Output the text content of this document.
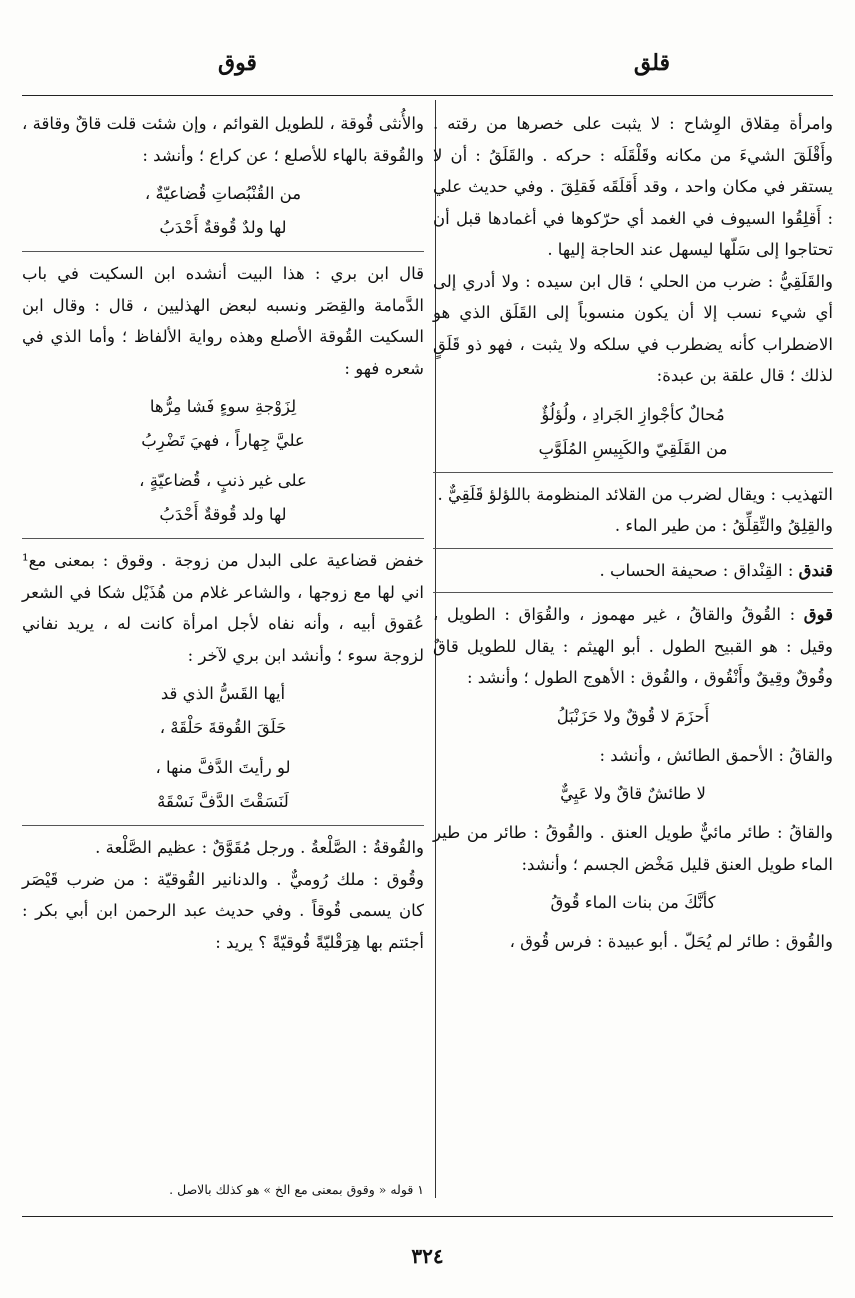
قلق
قوق

وامرأة مِقلاق الوِشاح : لا يثبت على خصرها من رقته . وأَقْلَقَ الشيءَ من مكانه وقَلْقَلَه : حركه . والقَلَقُ : أن لا يستقر في مكان واحد ، وقد أَقلَقَه فَقلِقَ . وفي حديث علي : أَقلِقُوا السيوف في الغمد أي حرّكوها في أغمادها قبل أن تحتاجوا إلى سَلّها ليسهل عند الحاجة إليها .

والقَلَقِيُّ : ضرب من الحلي ؛ قال ابن سيده : ولا أدري إلى أي شيء نسب إلا أن يكون منسوباً إلى القَلَق الذي هو الاضطراب كأنه يضطرب في سلكه ولا يثبت ، فهو ذو قَلَقٍ لذلك ؛ قال علقة بن عبدة:

مُحالٌ كأجْوازِ الجَرادِ ، ولُؤلُؤٌ
من القَلَقِيّ والكَبِيسِ المُلَوَّبِ

التهذيب : ويقال لضرب من القلائد المنظومة باللؤلؤ قَلَقِيٌّ .

والقِلِقُ والتِّقِلِّقُ : من طير الماء .

قندق : القِنْداق : صحيفة الحساب .

قوق : القُوقُ والقاقُ ، غير مهموز ، والقُوَاق : الطويل ، وقيل : هو القبيح الطول . أبو الهيثم : يقال للطويل قاقٌ وقُوقٌ وقِيقٌ وأَنْقُوق ، والقُوق : الأهوج الطول ؛ وأنشد :

أَحزَمَ لا قُوقٌ ولا حَزَنْبَلُ

والقاقُ : الأحمق الطائش ، وأنشد :

لا طائشٌ قاقٌ ولا عَيِيٌّ

والقاقُ : طائر مائيٌّ طويل العنق . والقُوقُ : طائر من طير الماء طويل العنق قليل مَخْض الجسم ؛ وأنشد:

كأنَّكَ من بنات الماء قُوقُ

والقُوق : طائر لم يُحَلّ . أبو عبيدة : فرس قُوق ،

والأُنثى قُوقة ، للطويل القوائم ، وإن شئت قلت قاقٌ وقاقة ، والقُوقة بالهاء للأصلع ؛ عن كراع ؛ وأنشد :

من القُنْبُصاتِ قُضاعيّةٌ ،
لها ولدٌ قُوقةٌ أَحْدَبُ

قال ابن بري : هذا البيت أنشده ابن السكيت في باب الدَّمامة والقِصَر ونسبه لبعض الهذليين ، قال : وقال ابن السكيت القُوقة الأصلع وهذه رواية الألفاظ ؛ وأما الذي في شعره فهو :

لِزَوْجةِ سوءٍ فَشا مِرُّها
عليَّ جِهاراً ، فهيَ تَضْرِبُ
على غير ذنبٍ ، قُضاعيّةٍ ،
لها ولد قُوقةٌ أَحْدَبُ

خفض قضاعية على البدل من زوجة . وقوق : بمعنى مع¹ اني لها مع زوجها ، والشاعر غلام من هُذَيْل شكا في الشعر عُقوق أبيه ، وأنه نفاه لأجل امرأة كانت له ، يريد نفاني لزوجة سوء ؛ وأنشد ابن بري لآخر :

أيها القَسُّ الذي قد
حَلَقَ القُوقةَ حَلْقَهْ ،
لو رأيتَ الدَّفَّ منها ،
لَنَسَقْتَ الدَّفَّ نَسْقَهْ

والقُوقةُ : الصَّلْعةُ . ورجل مُقَوَّقٌ : عظيم الصَّلْعة .

وقُوق : ملك رُوميٌّ . والدنانير القُوقيّة : من ضرب قَيْصَر كان يسمى قُوقاً . وفي حديث عبد الرحمن ابن أبي بكر : أجئتم بها هِرَقْليّةً قُوقيّةً ؟ يريد :

١ قوله « وقوق بمعنى مع الخ » هو كذلك بالاصل .
٣٢٤
